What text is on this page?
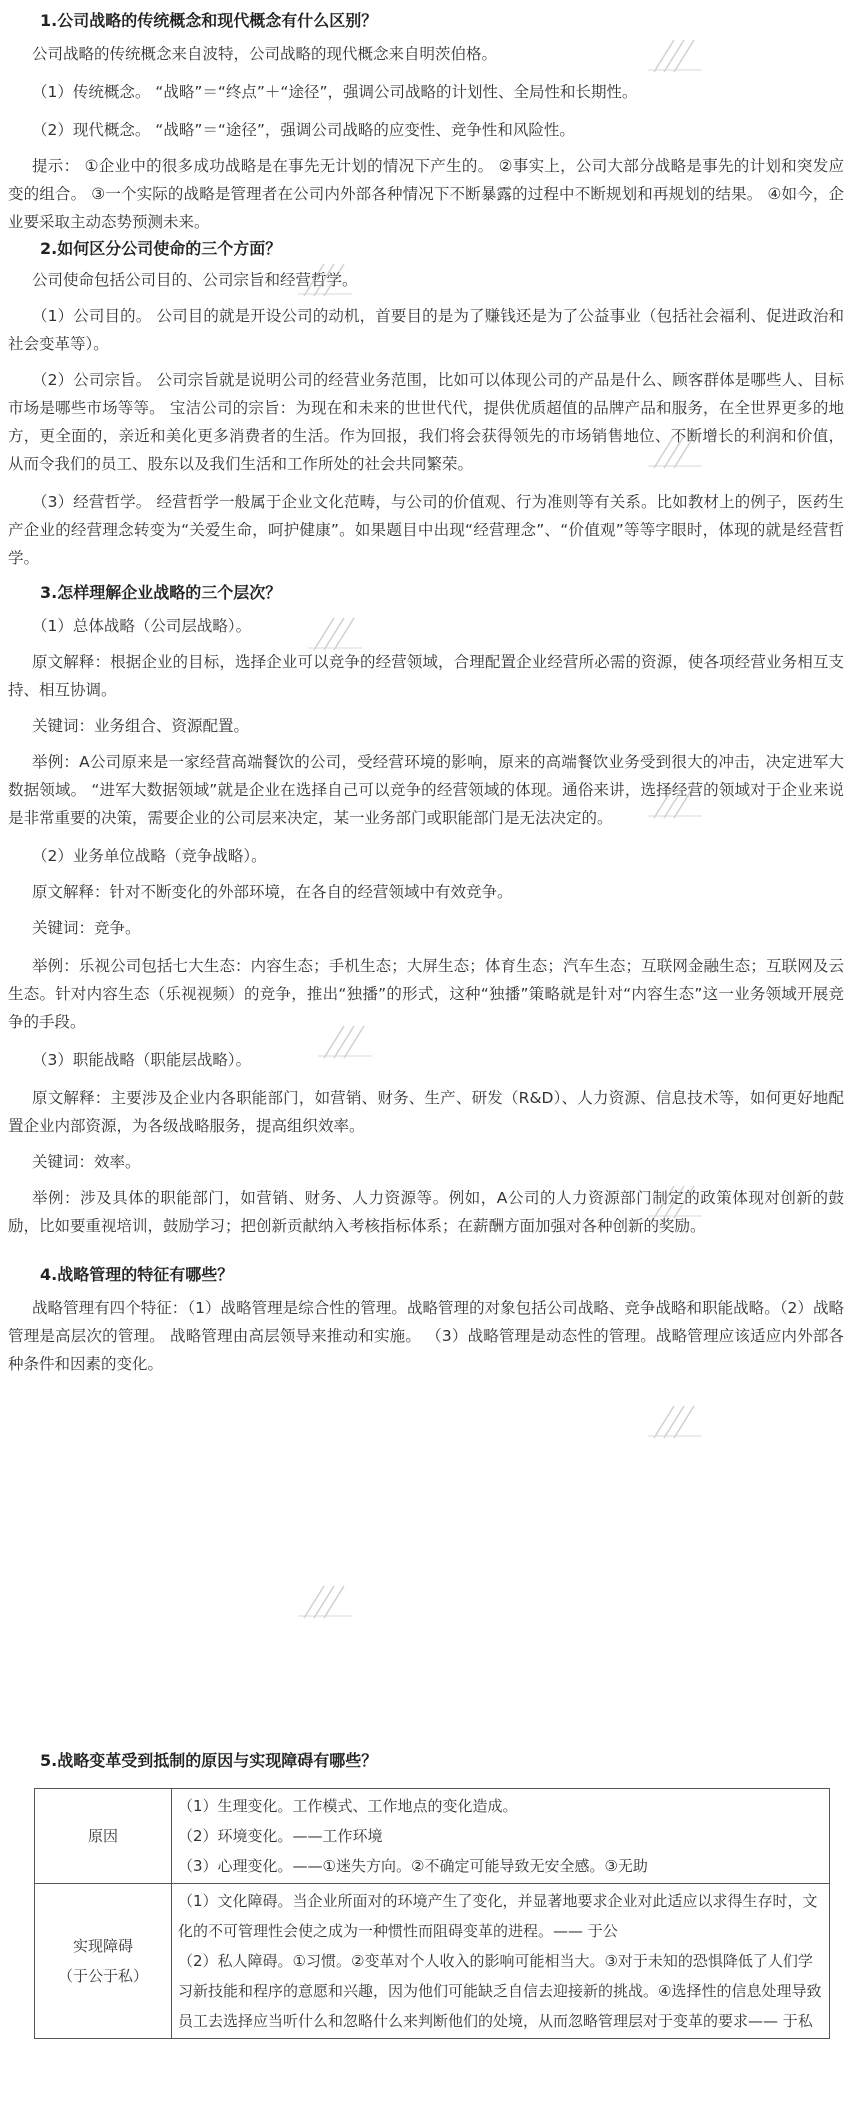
1.公司战略的传统概念和现代概念有什么区别？

公司战略的传统概念来自波特，公司战略的现代概念来自明茨伯格。

（1）传统概念。 “战略”＝“终点”＋“途径”，强调公司战略的计划性、全局性和长期性。

（2）现代概念。 “战略”＝“途径”，强调公司战略的应变性、竞争性和风险性。

提示： ①企业中的很多成功战略是在事先无计划的情况下产生的。 ②事实上，公司大部分战略是事先的计划和突发应变的组合。 ③一个实际的战略是管理者在公司内外部各种情况下不断暴露的过程中不断规划和再规划的结果。 ④如今，企业要采取主动态势预测未来。

2.如何区分公司使命的三个方面？

公司使命包括公司目的、公司宗旨和经营哲学。

（1）公司目的。 公司目的就是开设公司的动机，首要目的是为了赚钱还是为了公益事业（包括社会福利、促进政治和社会变革等）。

（2）公司宗旨。 公司宗旨就是说明公司的经营业务范围，比如可以体现公司的产品是什么、顾客群体是哪些人、目标市场是哪些市场等等。 宝洁公司的宗旨：为现在和未来的世世代代，提供优质超值的品牌产品和服务，在全世界更多的地方，更全面的，亲近和美化更多消费者的生活。作为回报，我们将会获得领先的市场销售地位、不断增长的利润和价值，从而令我们的员工、股东以及我们生活和工作所处的社会共同繁荣。

（3）经营哲学。 经营哲学一般属于企业文化范畴，与公司的价值观、行为准则等有关系。比如教材上的例子，医药生产企业的经营理念转变为“关爱生命，呵护健康”。如果题目中出现“经营理念”、“价值观”等等字眼时，体现的就是经营哲学。

3.怎样理解企业战略的三个层次？

（1）总体战略（公司层战略）。

原文解释：根据企业的目标，选择企业可以竞争的经营领域，合理配置企业经营所必需的资源，使各项经营业务相互支持、相互协调。

关键词：业务组合、资源配置。

举例：A公司原来是一家经营高端餐饮的公司，受经营环境的影响，原来的高端餐饮业务受到很大的冲击，决定进军大数据领域。 “进军大数据领域”就是企业在选择自己可以竞争的经营领域的体现。通俗来讲，选择经营的领域对于企业来说是非常重要的决策，需要企业的公司层来决定，某一业务部门或职能部门是无法决定的。

（2）业务单位战略（竞争战略）。

原文解释：针对不断变化的外部环境，在各自的经营领域中有效竞争。

关键词：竞争。

举例：乐视公司包括七大生态：内容生态；手机生态；大屏生态；体育生态；汽车生态；互联网金融生态；互联网及云生态。针对内容生态（乐视视频）的竞争，推出“独播”的形式，这种“独播”策略就是针对“内容生态”这一业务领域开展竞争的手段。

（3）职能战略（职能层战略）。

原文解释：主要涉及企业内各职能部门，如营销、财务、生产、研发（R&D）、人力资源、信息技术等，如何更好地配置企业内部资源，为各级战略服务，提高组织效率。

关键词：效率。

举例：涉及具体的职能部门，如营销、财务、人力资源等。例如，A公司的人力资源部门制定的政策体现对创新的鼓励，比如要重视培训，鼓励学习；把创新贡献纳入考核指标体系；在薪酬方面加强对各种创新的奖励。

4.战略管理的特征有哪些？

战略管理有四个特征：（1）战略管理是综合性的管理。战略管理的对象包括公司战略、竞争战略和职能战略。（2）战略管理是高层次的管理。 战略管理由高层领导来推动和实施。 （3）战略管理是动态性的管理。战略管理应该适应内外部各种条件和因素的变化。

5.战略变革受到抵制的原因与实现障碍有哪些？
原因	（1）生理变化。工作模式、工作地点的变化造成。
（2）环境变化。——工作环境
（3）心理变化。——①迷失方向。②不确定可能导致无安全感。③无助

实现障碍
（于公于私）	（1）文化障碍。当企业所面对的环境产生了变化，并显著地要求企业对此适应以求得生存时，文化的不可管理性会使之成为一种惯性而阻碍变革的进程。—— 于公
（2）私人障碍。①习惯。②变革对个人收入的影响可能相当大。③对于未知的恐惧降低了人们学习新技能和程序的意愿和兴趣，因为他们可能缺乏自信去迎接新的挑战。④选择性的信息处理导致员工去选择应当听什么和忽略什么来判断他们的处境，从而忽略管理层对于变革的要求—— 于私
